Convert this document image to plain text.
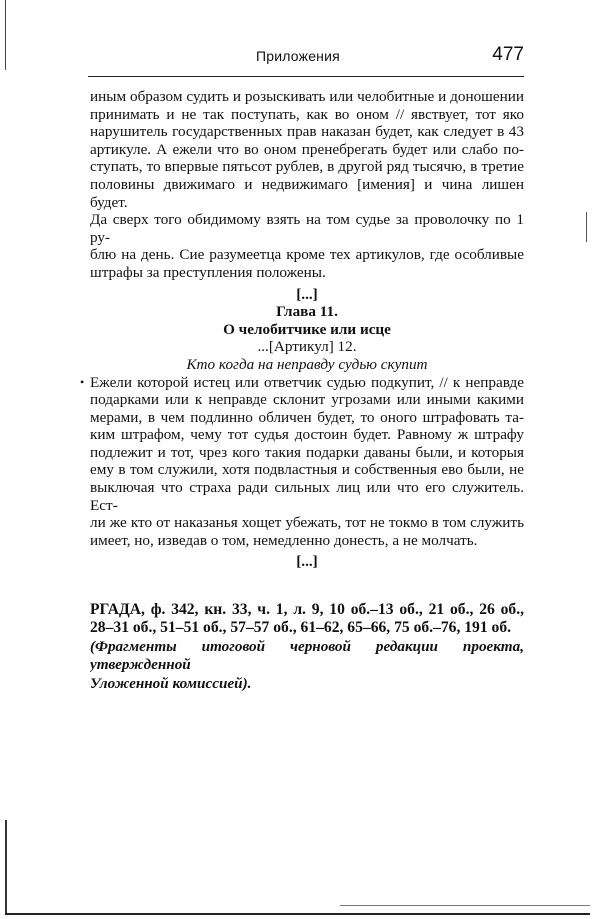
Приложения	477
иным образом судить и розыскивать или челобитные и доношении
принимать и не так поступать, как во оном // явствует, тот яко
нарушитель государственных прав наказан будет, как следует в 43
артикуле. А ежели что во оном пренебрегать будет или слабо по-
ступать, то впервые пятьсот рублев, в другой ряд тысячю, в третие
половины движимаго и недвижимаго [имения] и чина лишен будет.
Да сверх того обидимому взять на том судье за проволочку по 1 ру-
блю на день. Сие разумеетца кроме тех артикулов, где особливые
штрафы за преступления положены.

[...]

Глава 11.

О челобитчике или исце

...[Артикул] 12.

Кто когда на неправду судью скупит

• Ежели которой истец или ответчик судью подкупит, // к неправде
подарками или к неправде склонит угрозами или иными какими
мерами, в чем подлинно обличен будет, то оного штрафовать та-
ким штрафом, чему тот судья достоин будет. Равному ж штрафу
подлежит и тот, чрез кого такия подарки даваны были, и которыя
ему в том служили, хотя подвластныя и собственныя ево были, не
выключая что страха ради сильных лиц или что его служитель. Ест-
ли же кто от наказанья хощет убежать, тот не токмо в том служить
имеет, но, изведав о том, немедленно донесть, а не молчать.

[...]

РГАДА, ф. 342, кн. 33, ч. 1, л. 9, 10 об.–13 об., 21 об., 26 об.,
28–31 об., 51–51 об., 57–57 об., 61–62, 65–66, 75 об.–76, 191 об.
(Фрагменты итоговой черновой редакции проекта, утвержденной
Уложенной комиссией).
